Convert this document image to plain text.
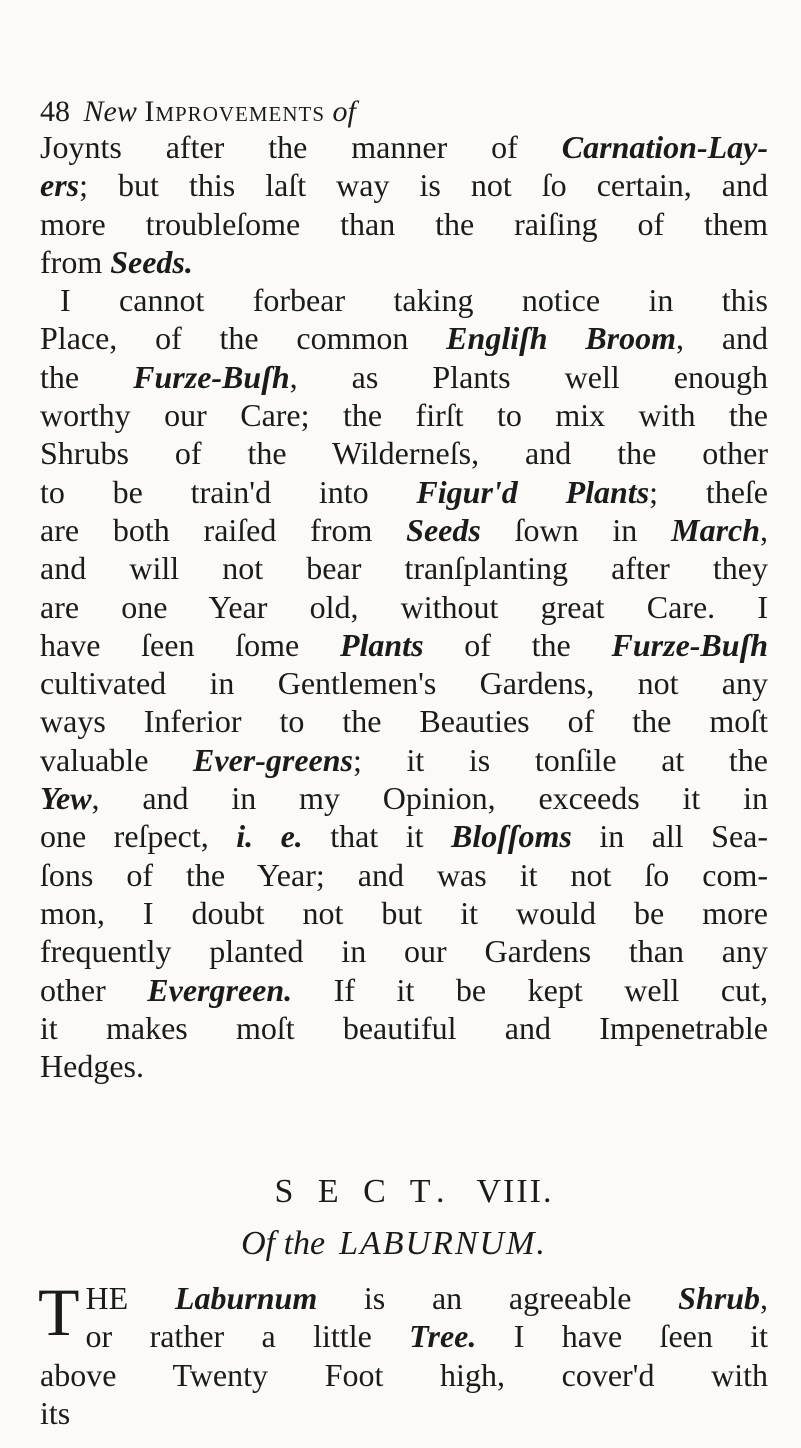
48 New Improvements of
Joynts after the manner of Carnation-Lay-
ers; but this laſt way is not ſo certain, and
more troubleſome than the raiſing of them
from Seeds.
I cannot forbear taking notice in this
Place, of the common Engliſh Broom, and
the Furze-Buſh, as Plants well enough
worthy our Care; the firſt to mix with the
Shrubs of the Wilderneſs, and the other
to be train'd into Figur'd Plants; theſe
are both raiſed from Seeds ſown in March,
and will not bear tranſplanting after they
are one Year old, without great Care. I
have ſeen ſome Plants of the Furze-Buſh
cultivated in Gentlemen's Gardens, not any
ways Inferior to the Beauties of the moſt
valuable Ever-greens; it is tonſile at the
Yew, and in my Opinion, exceeds it in
one reſpect, i. e. that it Bloſſoms in all Sea-
ſons of the Year; and was it not ſo com-
mon, I doubt not but it would be more
frequently planted in our Gardens than any
other Evergreen. If it be kept well cut,
it makes moſt beautiful and Impenetrable
Hedges.
S E C T. VIII.
Of the LABURNUM.
T HE Laburnum is an agreeable Shrub,
or rather a little Tree. I have ſeen it
above Twenty Foot high, cover'd with
its
